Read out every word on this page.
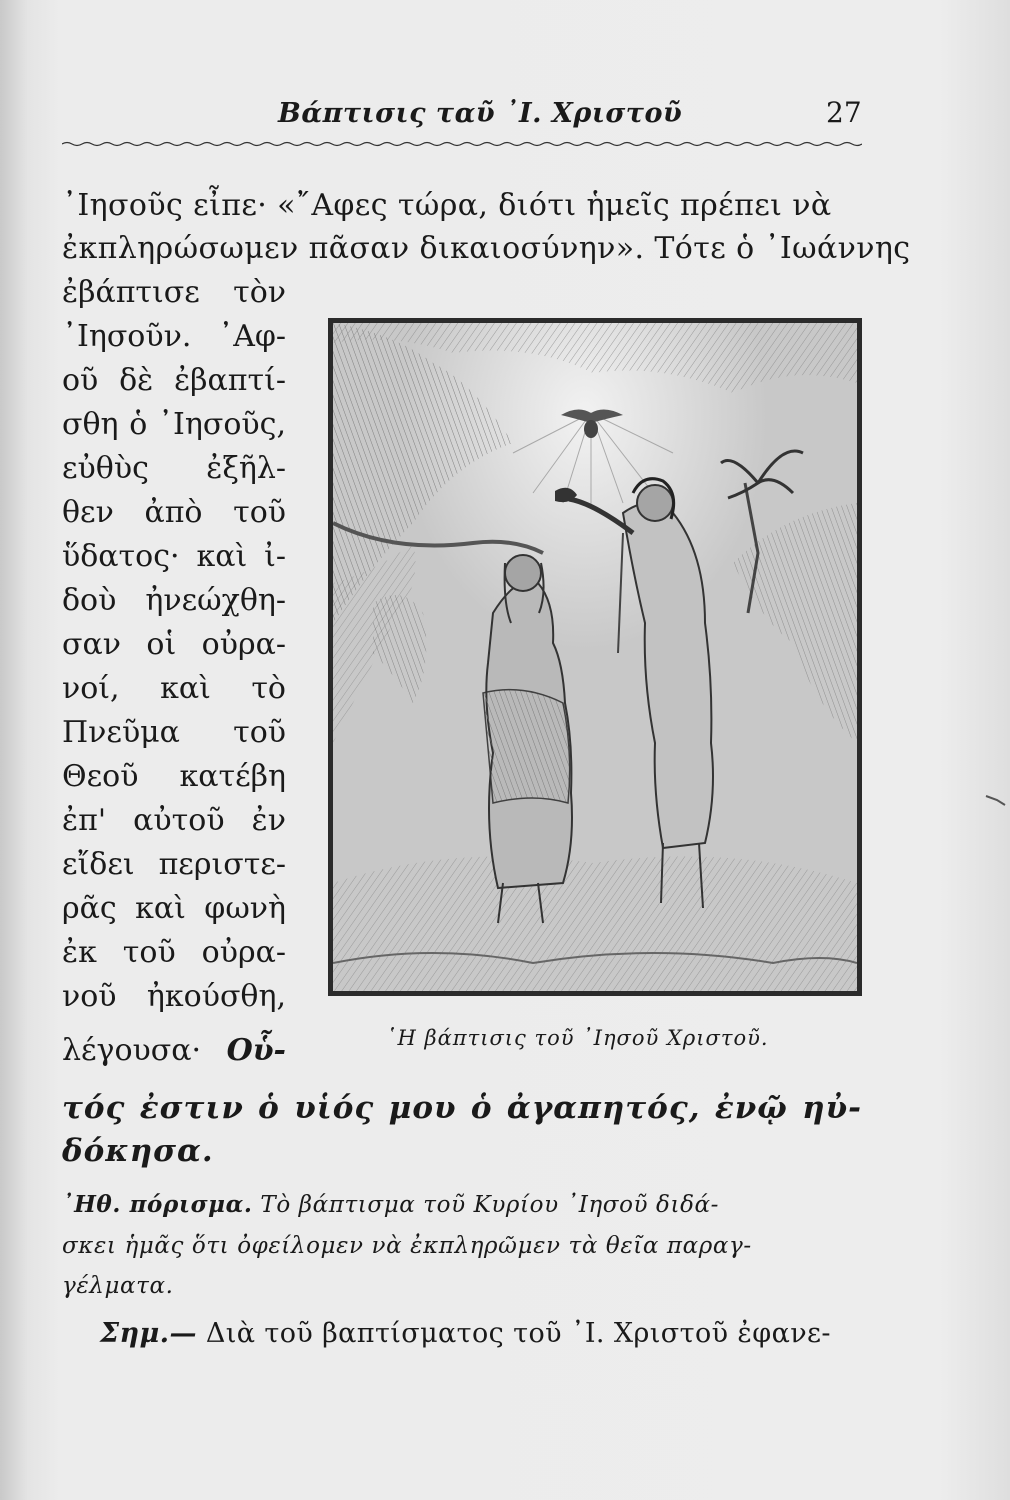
Βάπτισις ταῦ ᾿Ι. Χριστοῦ	27
᾿Ιησοῦς εἶπε· «῎Αφες τώρα, διότι ἡμεῖς πρέπει νὰ
ἐκπληρώσωμεν πᾶσαν δικαιοσύνην». Τότε ὁ ᾿Ιωάννης
ἐβάπτισε τὸν
᾿Ιησοῦν. ᾿Αφ-
οῦ δὲ ἐβαπτί-
σθη ὁ ᾿Ιησοῦς,
εὐθὺς ἐξῆλ-
θεν ἀπὸ τοῦ
ὕδατος· καὶ ἰ-
δοὺ ἠνεώχθη-
σαν οἱ οὐρα-
νοί, καὶ τὸ
Πνεῦμα τοῦ
Θεοῦ κατέβη
ἐπ' αὐτοῦ ἐν
εἴδει περιστε-
ρᾶς καὶ φωνὴ
ἐκ τοῦ οὐρα-
νοῦ ἠκούσθη,
λέγουσα· Οὗ-
τός ἐστιν ὁ υἱός μου ὁ ἀγαπητός, ἐνῷ ηὐ-
δόκησα.
῾Η βάπτισις τοῦ ᾿Ιησοῦ Χριστοῦ.
᾿Ηθ. πόρισμα. Τὸ βάπτισμα τοῦ Κυρίου ᾿Ιησοῦ διδά-
σκει ἡμᾶς ὅτι ὀφείλομεν νὰ ἐκπληρῶμεν τὰ θεῖα παραγ-
γέλματα.
Σημ.— Διὰ τοῦ βαπτίσματος τοῦ ᾿Ι. Χριστοῦ ἐφανε-
